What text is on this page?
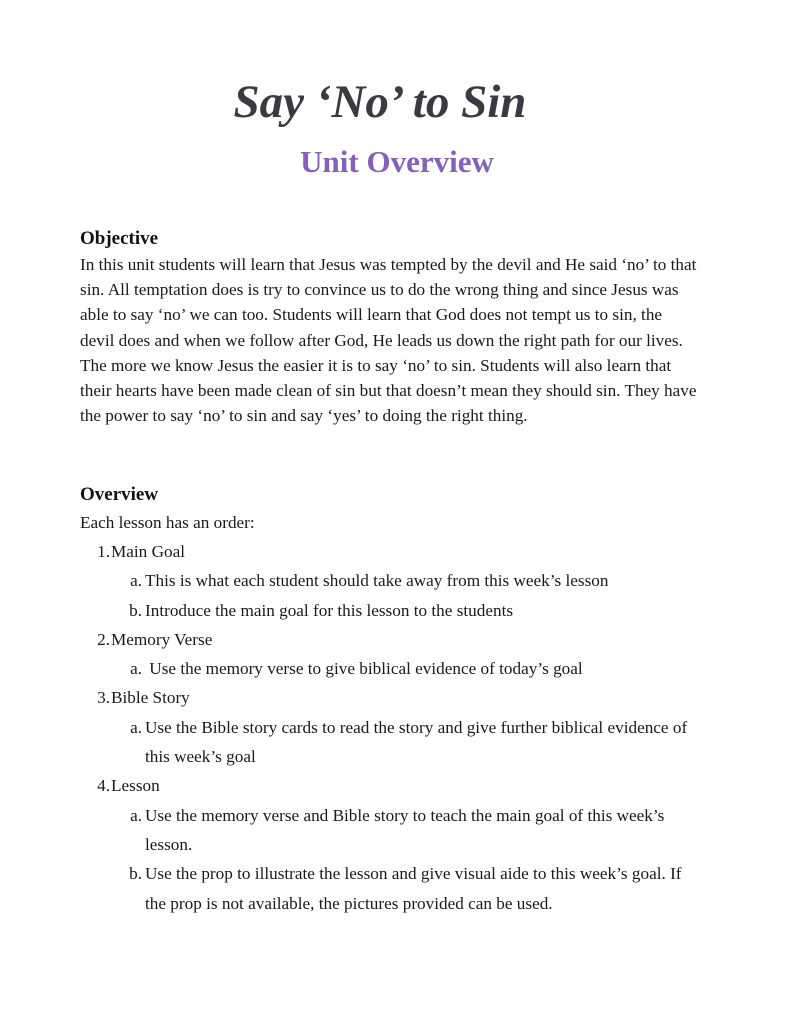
Say ‘No’ to Sin
Unit Overview
Objective

In this unit students will learn that Jesus was tempted by the devil and He said ‘no’ to that sin. All temptation does is try to convince us to do the wrong thing and since Jesus was able to say ‘no’ we can too. Students will learn that God does not tempt us to sin, the devil does and when we follow after God, He leads us down the right path for our lives. The more we know Jesus the easier it is to say ‘no’ to sin. Students will also learn that their hearts have been made clean of sin but that doesn’t mean they should sin. They have the power to say ‘no’ to sin and say ‘yes’ to doing the right thing.

Overview

Each lesson has an order:

1. Main Goal
a. This is what each student should take away from this week’s lesson
b. Introduce the main goal for this lesson to the students
2. Memory Verse
a. Use the memory verse to give biblical evidence of today’s goal
3. Bible Story
a. Use the Bible story cards to read the story and give further biblical evidence of this week’s goal
4. Lesson
a. Use the memory verse and Bible story to teach the main goal of this week’s lesson.
b. Use the prop to illustrate the lesson and give visual aide to this week’s goal. If the prop is not available, the pictures provided can be used.
